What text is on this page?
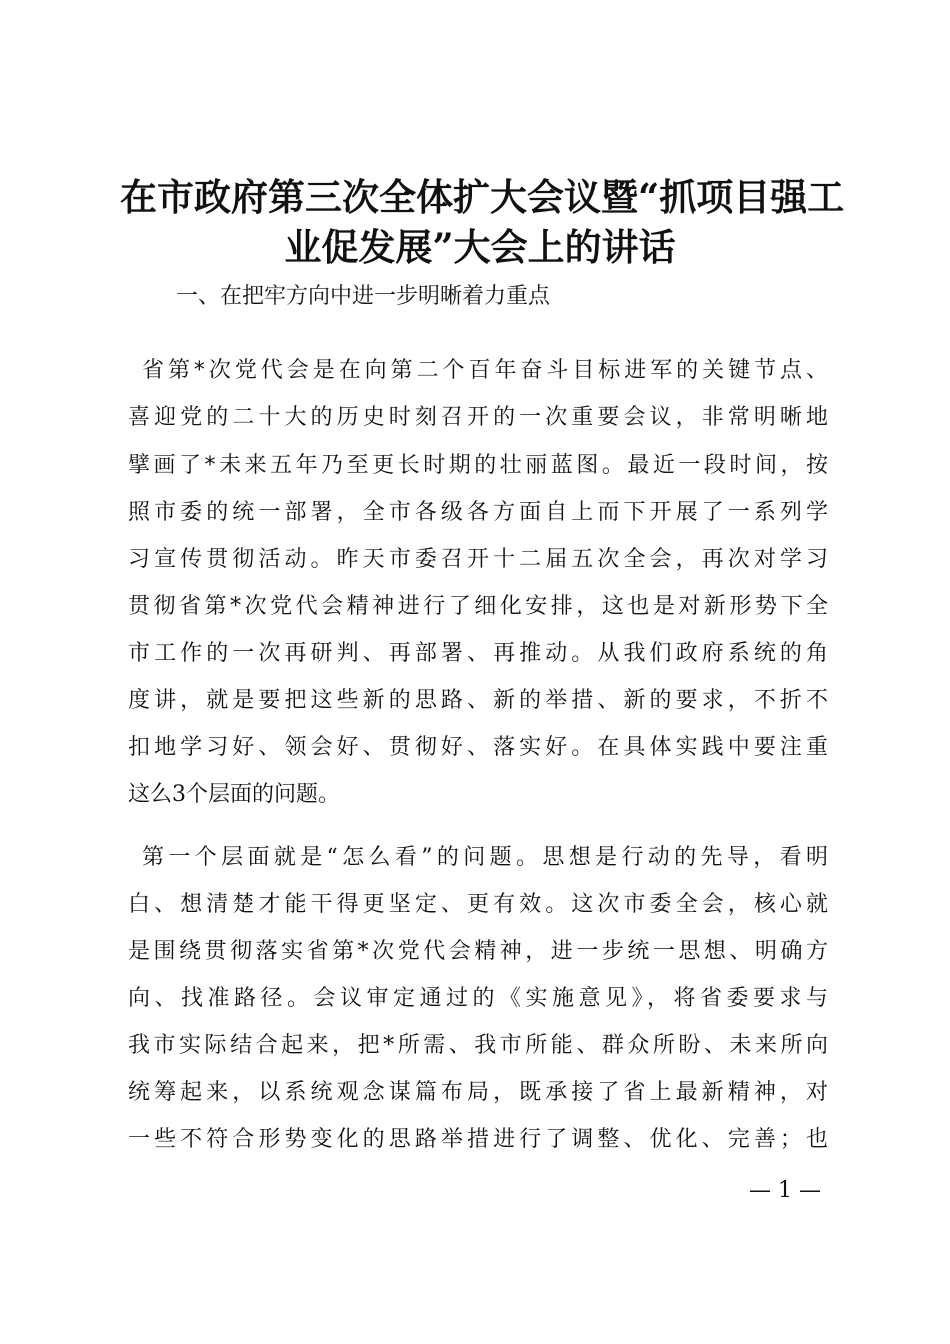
在市政府第三次全体扩大会议暨“抓项目强工
业促发展”大会上的讲话
一、在把牢方向中进一步明晰着力重点
省第*次党代会是在向第二个百年奋斗目标进军的关键节点、
喜迎党的二十大的历史时刻召开的一次重要会议，非常明晰地
擘画了*未来五年乃至更长时期的壮丽蓝图。最近一段时间，按
照市委的统一部署，全市各级各方面自上而下开展了一系列学
习宣传贯彻活动。昨天市委召开十二届五次全会，再次对学习
贯彻省第*次党代会精神进行了细化安排，这也是对新形势下全
市工作的一次再研判、再部署、再推动。从我们政府系统的角
度讲，就是要把这些新的思路、新的举措、新的要求，不折不
扣地学习好、领会好、贯彻好、落实好。在具体实践中要注重
这么3个层面的问题。
第一个层面就是“怎么看”的问题。思想是行动的先导，看明
白、想清楚才能干得更坚定、更有效。这次市委全会，核心就
是围绕贯彻落实省第*次党代会精神，进一步统一思想、明确方
向、找准路径。会议审定通过的《实施意见》，将省委要求与
我市实际结合起来，把*所需、我市所能、群众所盼、未来所向
统筹起来，以系统观念谋篇布局，既承接了省上最新精神，对
一些不符合形势变化的思路举措进行了调整、优化、完善；也
— 1 —
